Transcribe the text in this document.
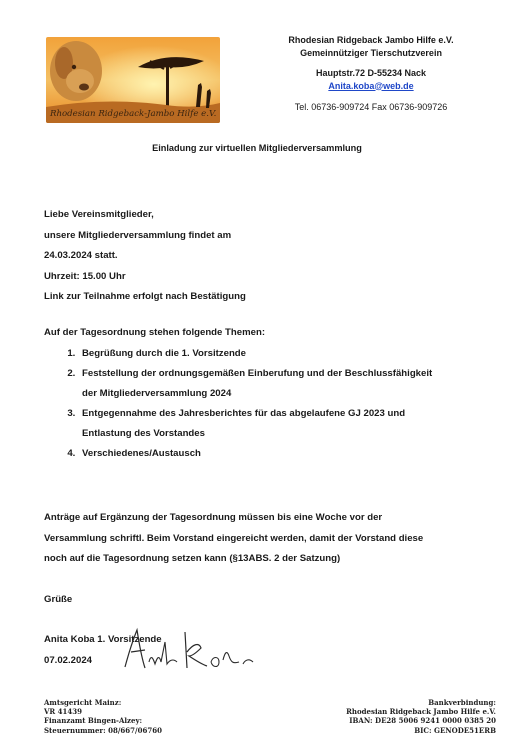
Rhodesian Ridgeback-Jambo Hilfe e.V.
Rhodesian Ridgeback Jambo Hilfe e.V.
Gemeinnütziger Tierschutzverein
Hauptstr.72 D-55234 Nack
Anita.koba@web.de
Tel. 06736-909724 Fax 06736-909726
Einladung zur virtuellen Mitgliederversammlung
Liebe Vereinsmitglieder,
unsere Mitgliederversammlung findet am
24.03.2024 statt.
Uhrzeit: 15.00 Uhr
Link zur Teilnahme erfolgt nach Bestätigung
Auf der Tagesordnung stehen folgende Themen:
1. Begrüßung durch die 1. Vorsitzende
2. Feststellung der ordnungsgemäßen Einberufung und der Beschlussfähigkeit
der Mitgliederversammlung 2024
3. Entgegennahme des Jahresberichtes für das abgelaufene GJ 2023 und
Entlastung des Vorstandes
4. Verschiedenes/Austausch
Anträge auf Ergänzung der Tagesordnung müssen bis eine Woche vor der
Versammlung schriftl. Beim Vorstand eingereicht werden, damit der Vorstand diese
noch auf die Tagesordnung setzen kann (§13ABS. 2 der Satzung)
Grüße
Anita Koba 1. Vorsitzende
07.02.2024
Amtsgericht Mainz:
VR 41439
Finanzamt Bingen-Alzey:
Steuernummer: 08/667/06760
Bankverbindung:
Rhodesian Ridgeback Jambo Hilfe e.V.
IBAN: DE28 5006 9241 0000 0385 20
BIC: GENODE51ERB
